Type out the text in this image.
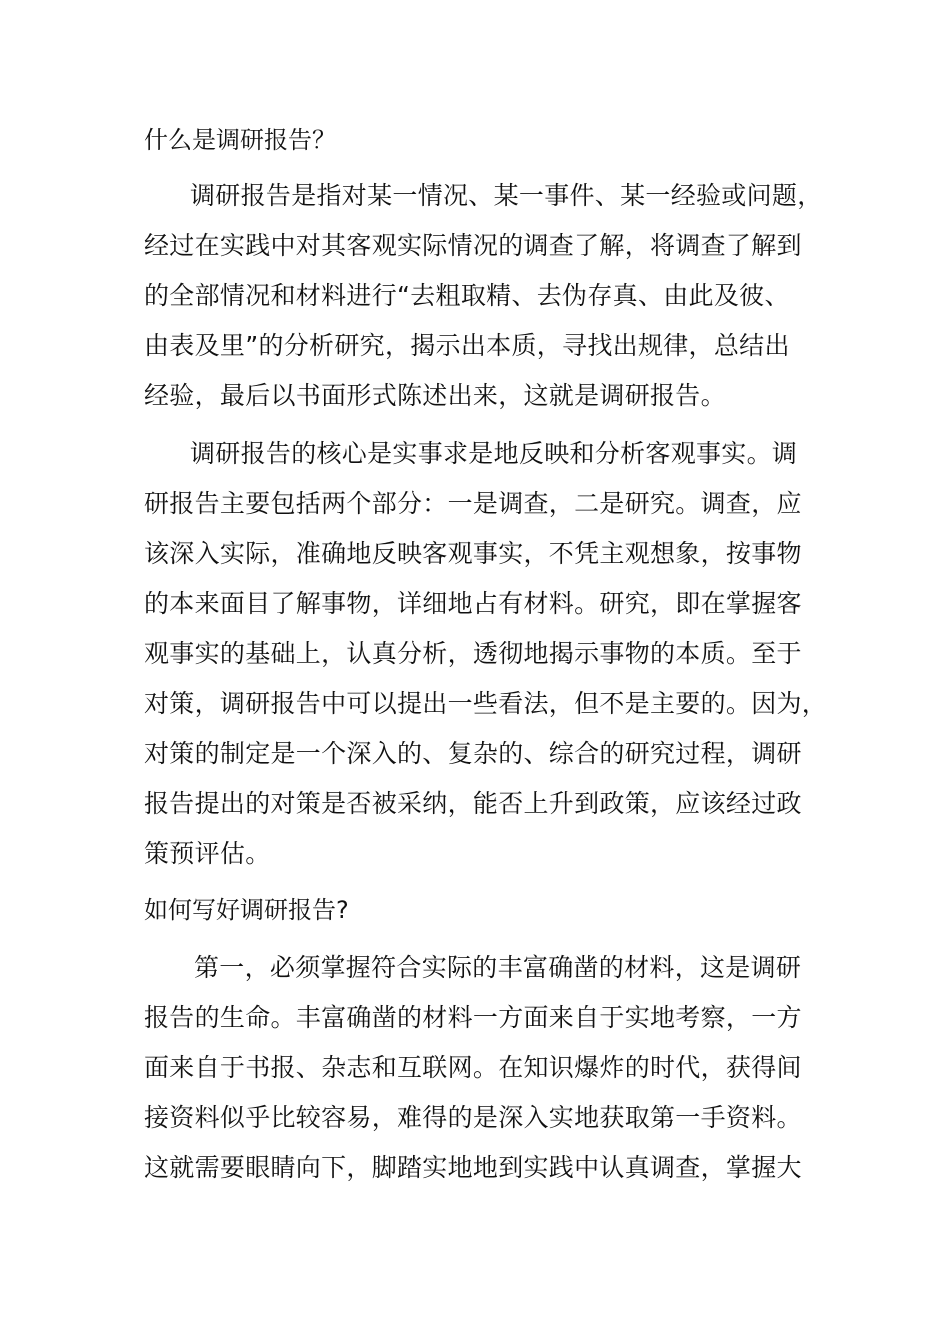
什么是调研报告？
调研报告是指对某一情况、某一事件、某一经验或问题，
经过在实践中对其客观实际情况的调查了解，将调查了解到
的全部情况和材料进行“去粗取精、去伪存真、由此及彼、
由表及里”的分析研究，揭示出本质，寻找出规律，总结出
经验，最后以书面形式陈述出来，这就是调研报告。
调研报告的核心是实事求是地反映和分析客观事实。调
研报告主要包括两个部分：一是调查，二是研究。调查，应
该深入实际，准确地反映客观事实，不凭主观想象，按事物
的本来面目了解事物，详细地占有材料。研究，即在掌握客
观事实的基础上，认真分析，透彻地揭示事物的本质。至于
对策，调研报告中可以提出一些看法，但不是主要的。因为，
对策的制定是一个深入的、复杂的、综合的研究过程，调研
报告提出的对策是否被采纳，能否上升到政策，应该经过政
策预评估。
如何写好调研报告?
第一，必须掌握符合实际的丰富确凿的材料，这是调研
报告的生命。丰富确凿的材料一方面来自于实地考察，一方
面来自于书报、杂志和互联网。在知识爆炸的时代，获得间
接资料似乎比较容易，难得的是深入实地获取第一手资料。
这就需要眼睛向下，脚踏实地地到实践中认真调查，掌握大
